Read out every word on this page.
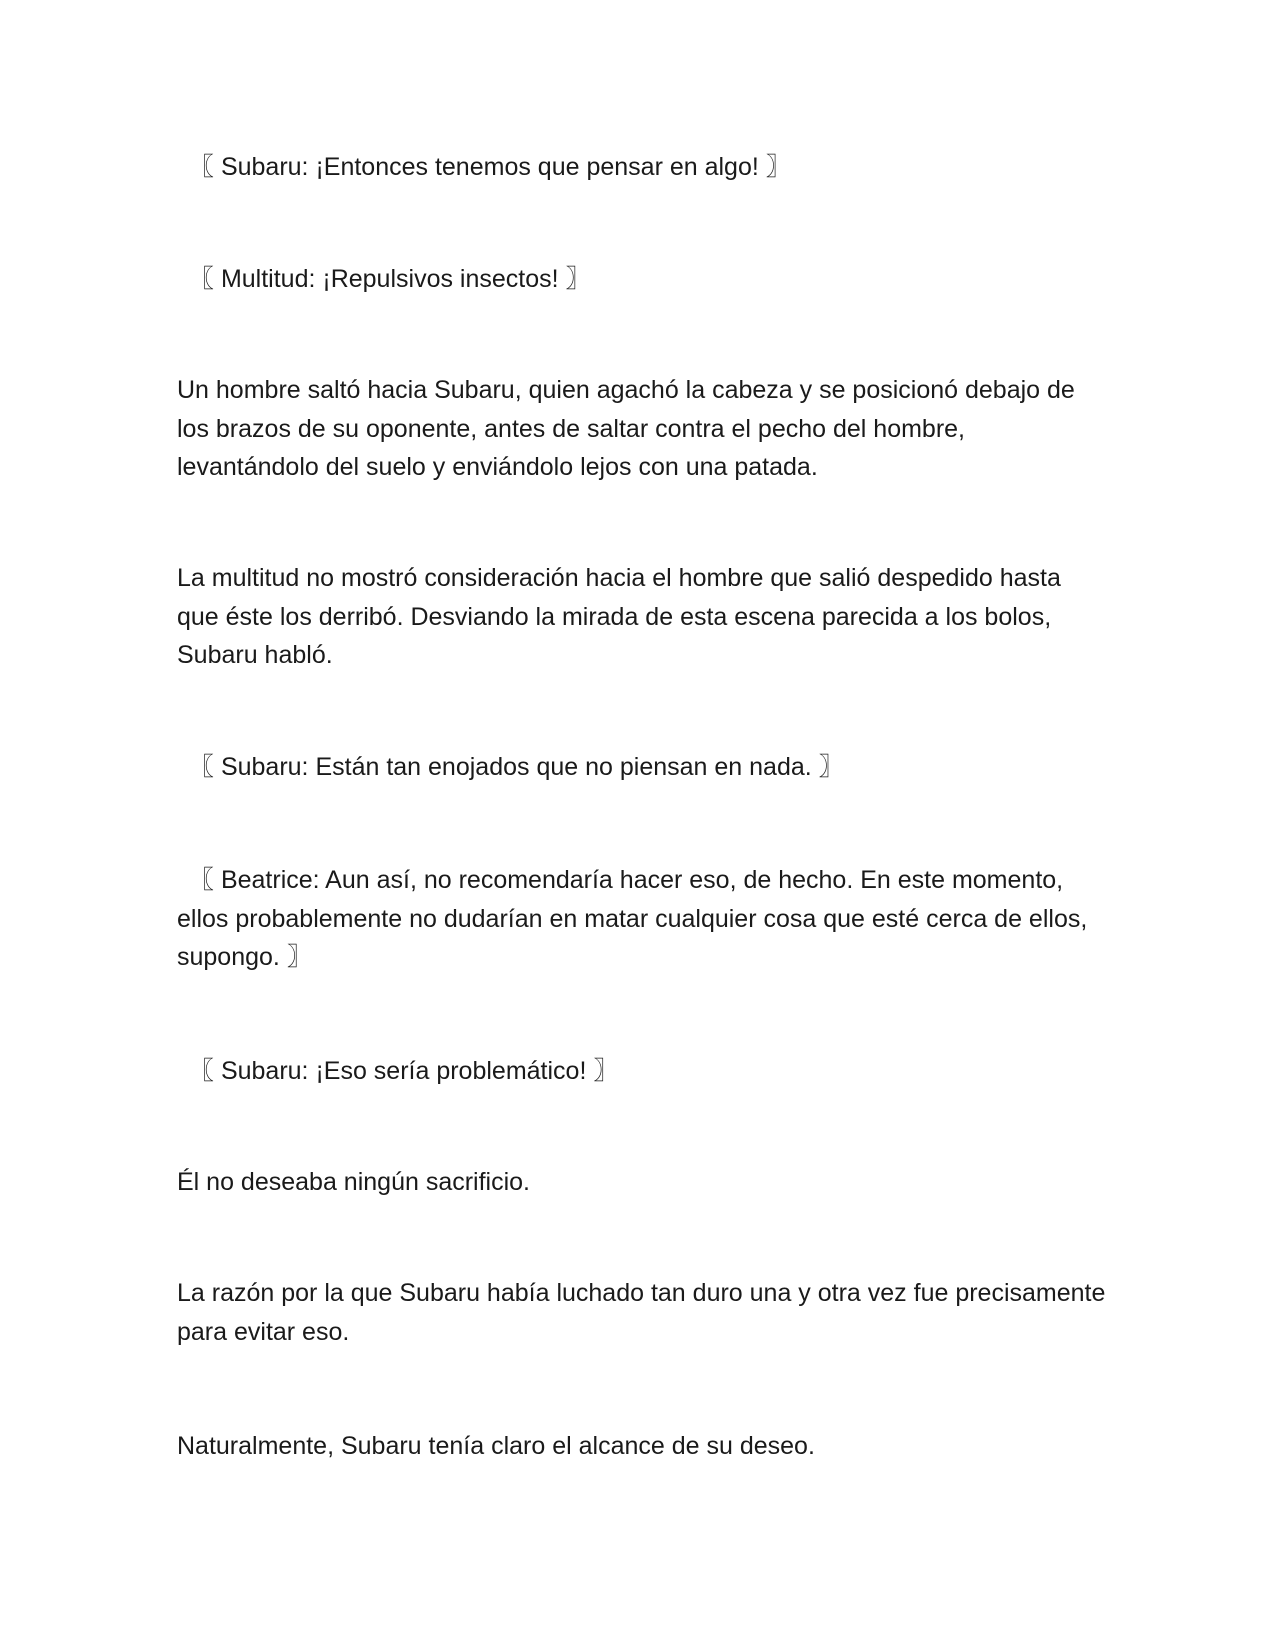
〖 Subaru: ¡Entonces tenemos que pensar en algo! 〗

〖 Multitud: ¡Repulsivos insectos! 〗

Un hombre saltó hacia Subaru, quien agachó la cabeza y se posicionó debajo de los brazos de su oponente, antes de saltar contra el pecho del hombre, levantándolo del suelo y enviándolo lejos con una patada.

La multitud no mostró consideración hacia el hombre que salió despedido hasta que éste los derribó. Desviando la mirada de esta escena parecida a los bolos, Subaru habló.

〖 Subaru: Están tan enojados que no piensan en nada. 〗

〖 Beatrice: Aun así, no recomendaría hacer eso, de hecho. En este momento, ellos probablemente no dudarían en matar cualquier cosa que esté cerca de ellos, supongo. 〗

〖 Subaru: ¡Eso sería problemático! 〗

Él no deseaba ningún sacrificio.

La razón por la que Subaru había luchado tan duro una y otra vez fue precisamente para evitar eso.

Naturalmente, Subaru tenía claro el alcance de su deseo.
